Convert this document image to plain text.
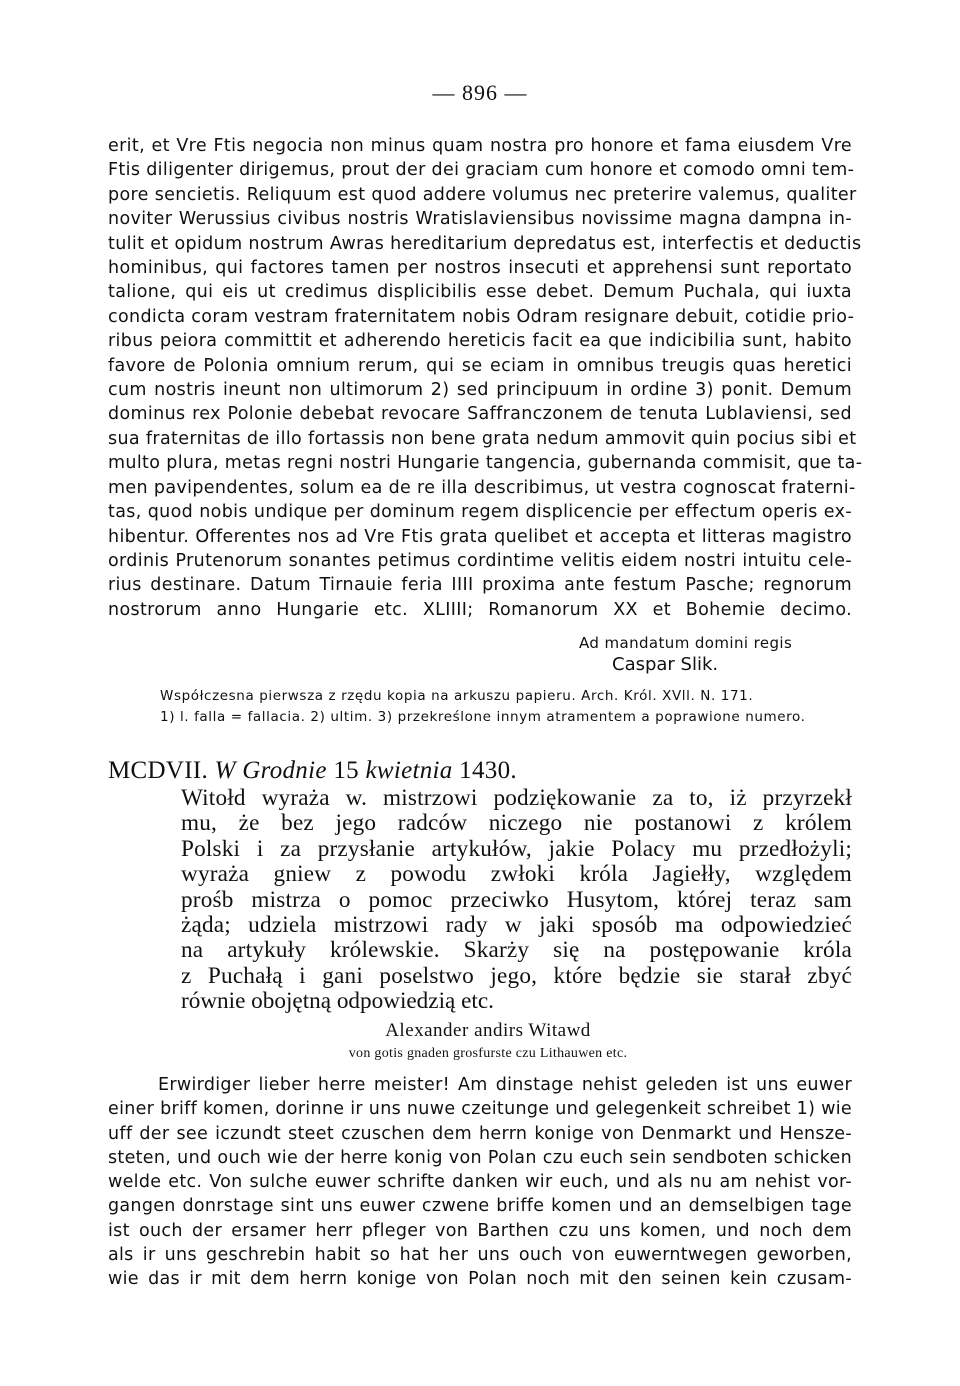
— 896 —
erit, et Vre Ftis negocia non minus quam nostra pro honore et fama eiusdem Vre
Ftis diligenter dirigemus, prout der dei graciam cum honore et comodo omni tem-
pore sencietis. Reliquum est quod addere volumus nec preterire valemus, qualiter
noviter Werussius civibus nostris Wratislaviensibus novissime magna dampna in-
tulit et opidum nostrum Awras hereditarium depredatus est, interfectis et deductis
hominibus, qui factores tamen per nostros insecuti et apprehensi sunt reportato
talione, qui eis ut credimus displicibilis esse debet. Demum Puchala, qui iuxta
condicta coram vestram fraternitatem nobis Odram resignare debuit, cotidie prio-
ribus peiora committit et adherendo hereticis facit ea que indicibilia sunt, habito
favore de Polonia omnium rerum, qui se eciam in omnibus treugis quas heretici
cum nostris ineunt non ultimorum 2) sed principuum in ordine 3) ponit. Demum
dominus rex Polonie debebat revocare Saffranczonem de tenuta Lublaviensi, sed
sua fraternitas de illo fortassis non bene grata nedum ammovit quin pocius sibi et
multo plura, metas regni nostri Hungarie tangencia, gubernanda commisit, que ta-
men pavipendentes, solum ea de re illa describimus, ut vestra cognoscat fraterni-
tas, quod nobis undique per dominum regem displicencie per effectum operis ex-
hibentur. Offerentes nos ad Vre Ftis grata quelibet et accepta et litteras magistro
ordinis Prutenorum sonantes petimus cordintime velitis eidem nostri intuitu cele-
rius destinare. Datum Tirnauie feria IIII proxima ante festum Pasche; regnorum
nostrorum anno Hungarie etc. XLIIII; Romanorum XX et Bohemie decimo.
Ad mandatum domini regis
Caspar Slik.
Współczesna pierwsza z rzędu kopia na arkuszu papieru. Arch. Król. XVll. N. 171.
1) l. falla = fallacia. 2) ultim. 3) przekreślone innym atramentem a poprawione numero.
MCDVII. W Grodnie 15 kwietnia 1430.
Witołd wyraża w. mistrzowi podziękowanie za to, iż przyrzekł
mu, że bez jego radców niczego nie postanowi z królem
Polski i za przysłanie artykułów, jakie Polacy mu przedłożyli;
wyraża gniew z powodu zwłoki króla Jagiełły, względem
prośb mistrza o pomoc przeciwko Husytom, której teraz sam
żąda; udziela mistrzowi rady w jaki sposób ma odpowiedzieć
na artykuły królewskie. Skarży się na postępowanie króla
z Puchałą i gani poselstwo jego, które będzie sie starał zbyć
równie obojętną odpowiedzią etc.
Alexander andirs Witawd
von gotis gnaden grosfurste czu Lithauwen etc.
Erwirdiger lieber herre meister! Am dinstage nehist geleden ist uns euwer
einer briff komen, dorinne ir uns nuwe czeitunge und gelegenkeit schreibet 1) wie
uff der see iczundt steet czuschen dem herrn konige von Denmarkt und Hensze-
steten, und ouch wie der herre konig von Polan czu euch sein sendboten schicken
welde etc. Von sulche euwer schrifte danken wir euch, und als nu am nehist vor-
gangen donrstage sint uns euwer czwene briffe komen und an demselbigen tage
ist ouch der ersamer herr pfleger von Barthen czu uns komen, und noch dem
als ir uns geschrebin habit so hat her uns ouch von euwerntwegen geworben,
wie das ir mit dem herrn konige von Polan noch mit den seinen kein czusam-
